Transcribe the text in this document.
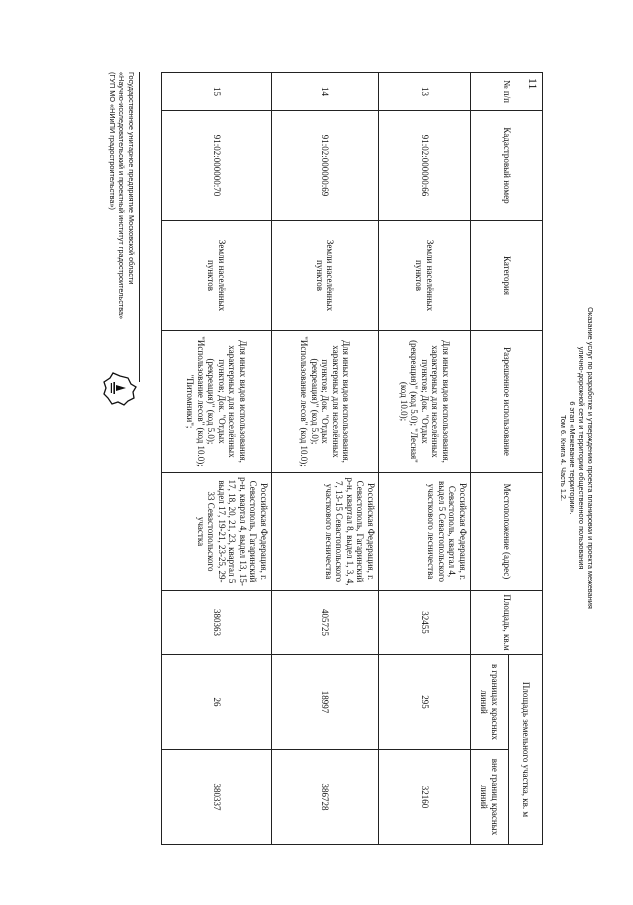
11
Оказание услуг по разработке и утверждению проекта планировки и проекта межевания
улично-дорожной сети и территории общественного пользования
6 этап «Межевание территории».
Том 6. Книга 4. Часть 1.2.
№ п/п	Кадастровый номер	Категория	Разрешенное использование	Местоположение (адрес)	Площадь, кв.м	Площадь земельного участка, кв. м	
						в границах красных линий	вне границ красных линий
13	91:02:000000:66	Земли населённых пунктов	Для иных видов использования, характерных для населённых пунктов; Док. "Отдых (рекреация)" (код 5.0); "Лесная" (код 10.0);	Российская Федерация, г. Севастополь, квартал 4, выдел 5 Севастопольского участкового лесничества	32455	295	32160
14	91:02:000000:69	Земли населённых пунктов	Для иных видов использования, характерных для населённых пунктов; Док. "Отдых (рекреация)" (код 5.0); "Использование лесов" (код 10.0);	Российская Федерация, г. Севастополь, Гагаринский р-н, квартал 8, выдел 1, 3, 4, 7, 13-15 Севастопольского участкового лесничества	405725	18997	386728
15	91:02:000000:70	Земли населённых пунктов	Для иных видов использования, характерных для населённых пунктов; Док. "Отдых (рекреация)" (код 5.0); "Использование лесов" (код 10.0); "Питомники";	Российская Федерация, г. Севастополь, Гагаринский р-н, квартал 4, выдел 13, 15-17, 18, 20, 21, 23, квартал 5 выдел 17, 19-21, 23-25, 29-33 Севастопольского участка	380363	26	380337
Государственное унитарное предприятие Московской области
«Научно-исследовательский и проектный институт градостроительства»
(ГУП МО «НИиПИ градостроительства»)
